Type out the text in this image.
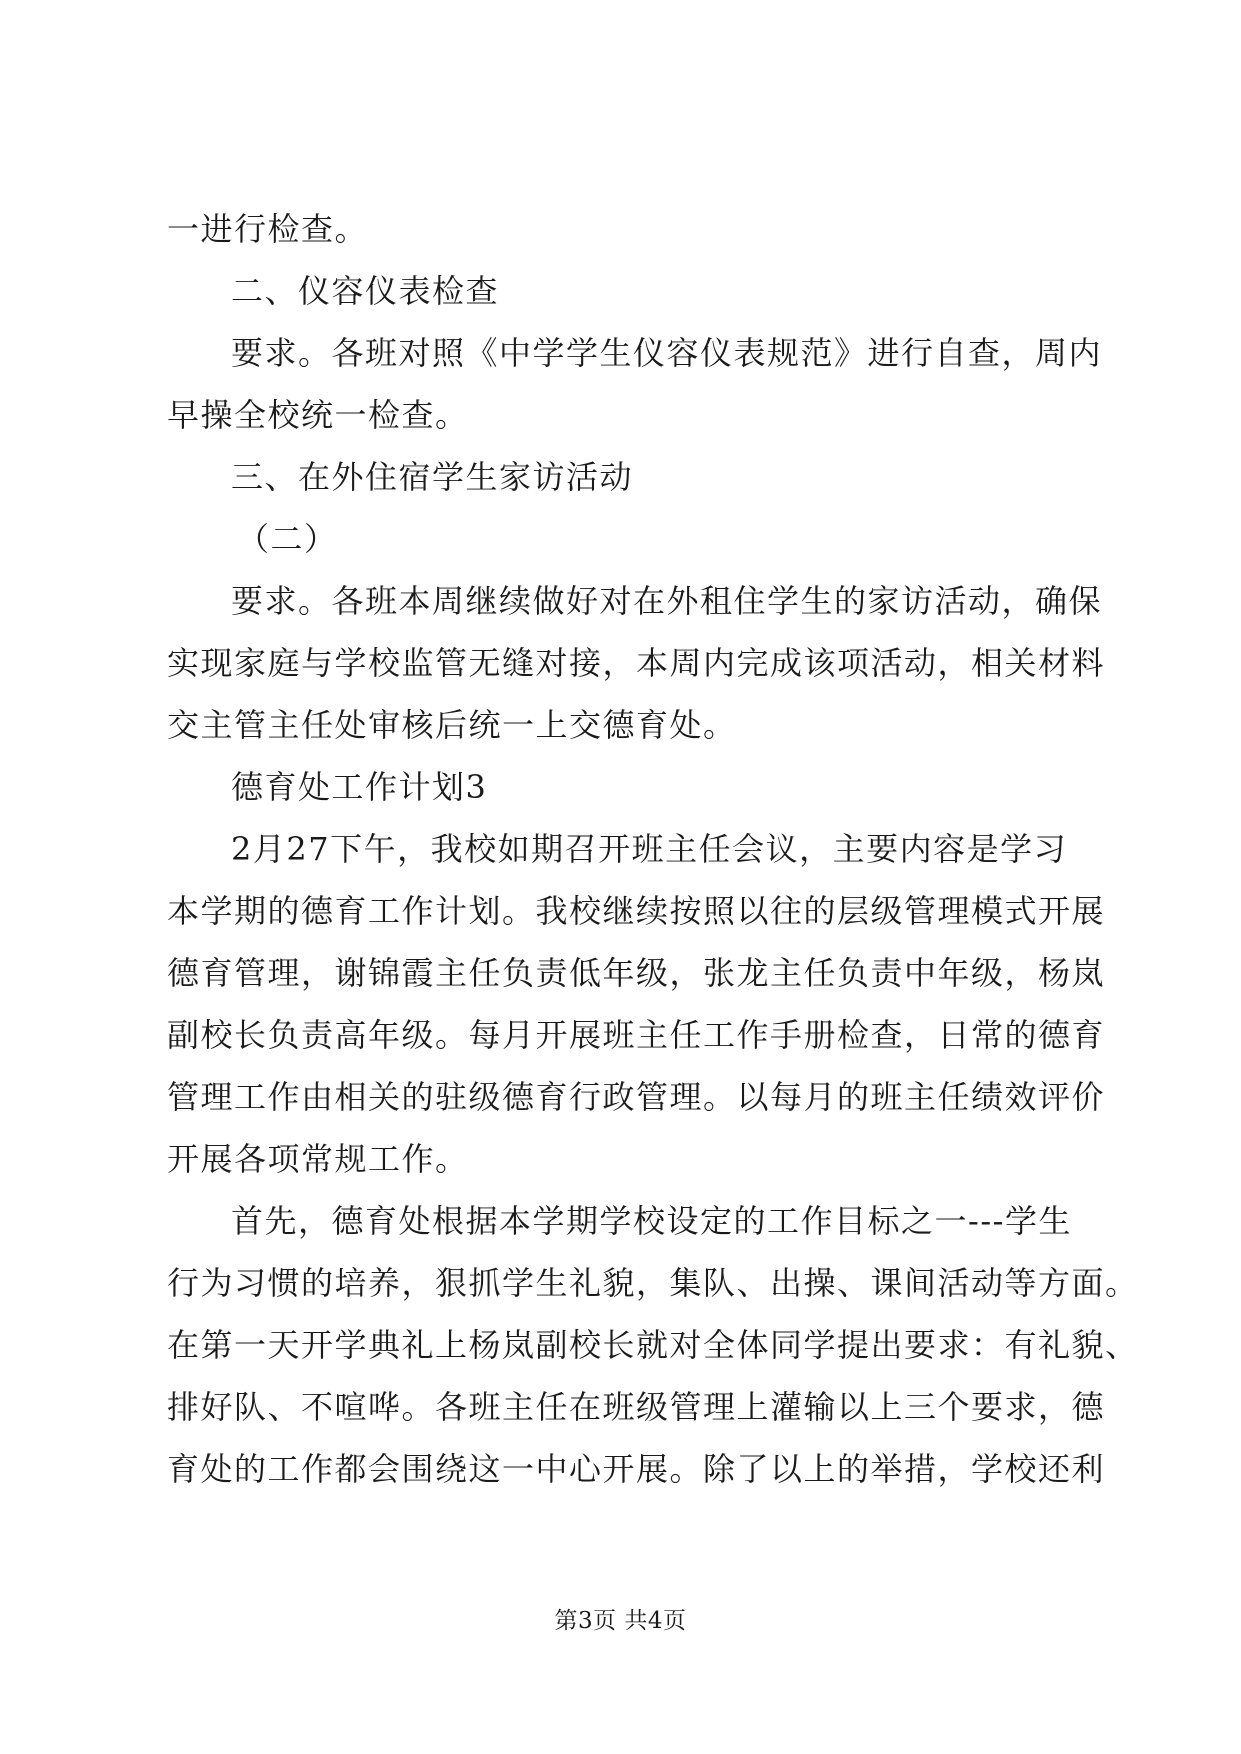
一进行检查。
二、仪容仪表检查
要求。各班对照《中学学生仪容仪表规范》进行自查，周内
早操全校统一检查。
三、在外住宿学生家访活动
（二）
要求。各班本周继续做好对在外租住学生的家访活动，确保
实现家庭与学校监管无缝对接，本周内完成该项活动，相关材料
交主管主任处审核后统一上交德育处。
德育处工作计划3
2月27下午，我校如期召开班主任会议，主要内容是学习
本学期的德育工作计划。我校继续按照以往的层级管理模式开展
德育管理，谢锦霞主任负责低年级，张龙主任负责中年级，杨岚
副校长负责高年级。每月开展班主任工作手册检查，日常的德育
管理工作由相关的驻级德育行政管理。以每月的班主任绩效评价
开展各项常规工作。
首先，德育处根据本学期学校设定的工作目标之一---学生
行为习惯的培养，狠抓学生礼貌，集队、出操、课间活动等方面。
在第一天开学典礼上杨岚副校长就对全体同学提出要求：有礼貌、
排好队、不喧哗。各班主任在班级管理上灌输以上三个要求，德
育处的工作都会围绕这一中心开展。除了以上的举措，学校还利
第3页 共4页
